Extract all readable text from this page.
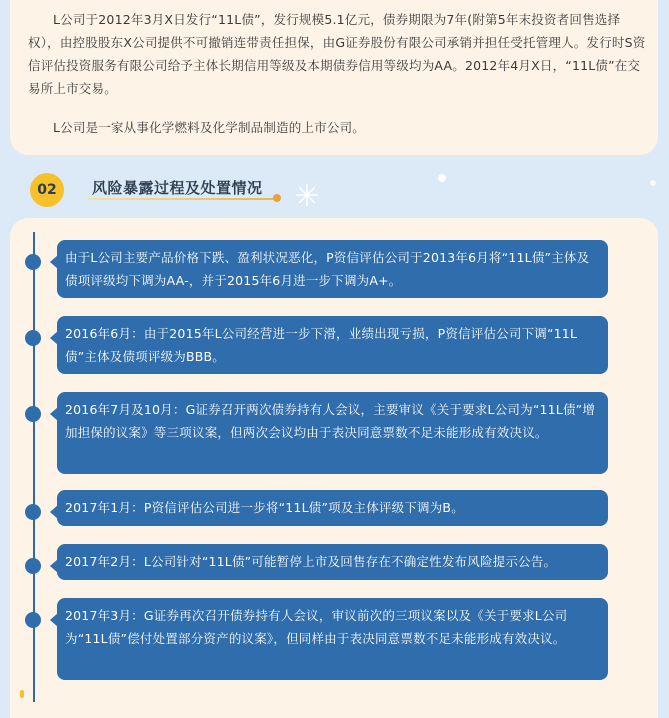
L公司于2012年3月X日发行“11L债”，发行规模5.1亿元，债券期限为7年(附第5年末投资者回售选择权），由控股股东X公司提供不可撤销连带责任担保，由G证券股份有限公司承销并担任受托管理人。发行时S资信评估投资服务有限公司给予主体长期信用等级及本期债券信用等级均为AA。2012年4月X日，“11L债”在交易所上市交易。

L公司是一家从事化学燃料及化学制品制造的上市公司。

02	风险暴露过程及处置情况 ✳
由于L公司主要产品价格下跌、盈利状况恶化，P资信评估公司于2013年6月将“11L债”主体及债项评级均下调为AA-，并于2015年6月进一步下调为A+。
2016年6月：由于2015年L公司经营进一步下滑，业绩出现亏损，P资信评估公司下调“11L债”主体及债项评级为BBB。
2016年7月及10月：G证券召开两次债券持有人会议，主要审议《关于要求L公司为“11L债”增加担保的议案》等三项议案，但两次会议均由于表决同意票数不足未能形成有效决议。
2017年1月：P资信评估公司进一步将“11L债”项及主体评级下调为B。
2017年2月：L公司针对“11L债”可能暂停上市及回售存在不确定性发布风险提示公告。
2017年3月：G证券再次召开债券持有人会议，审议前次的三项议案以及《关于要求L公司为“11L债”偿付处置部分资产的议案》，但同样由于表决同意票数不足未能形成有效决议。
